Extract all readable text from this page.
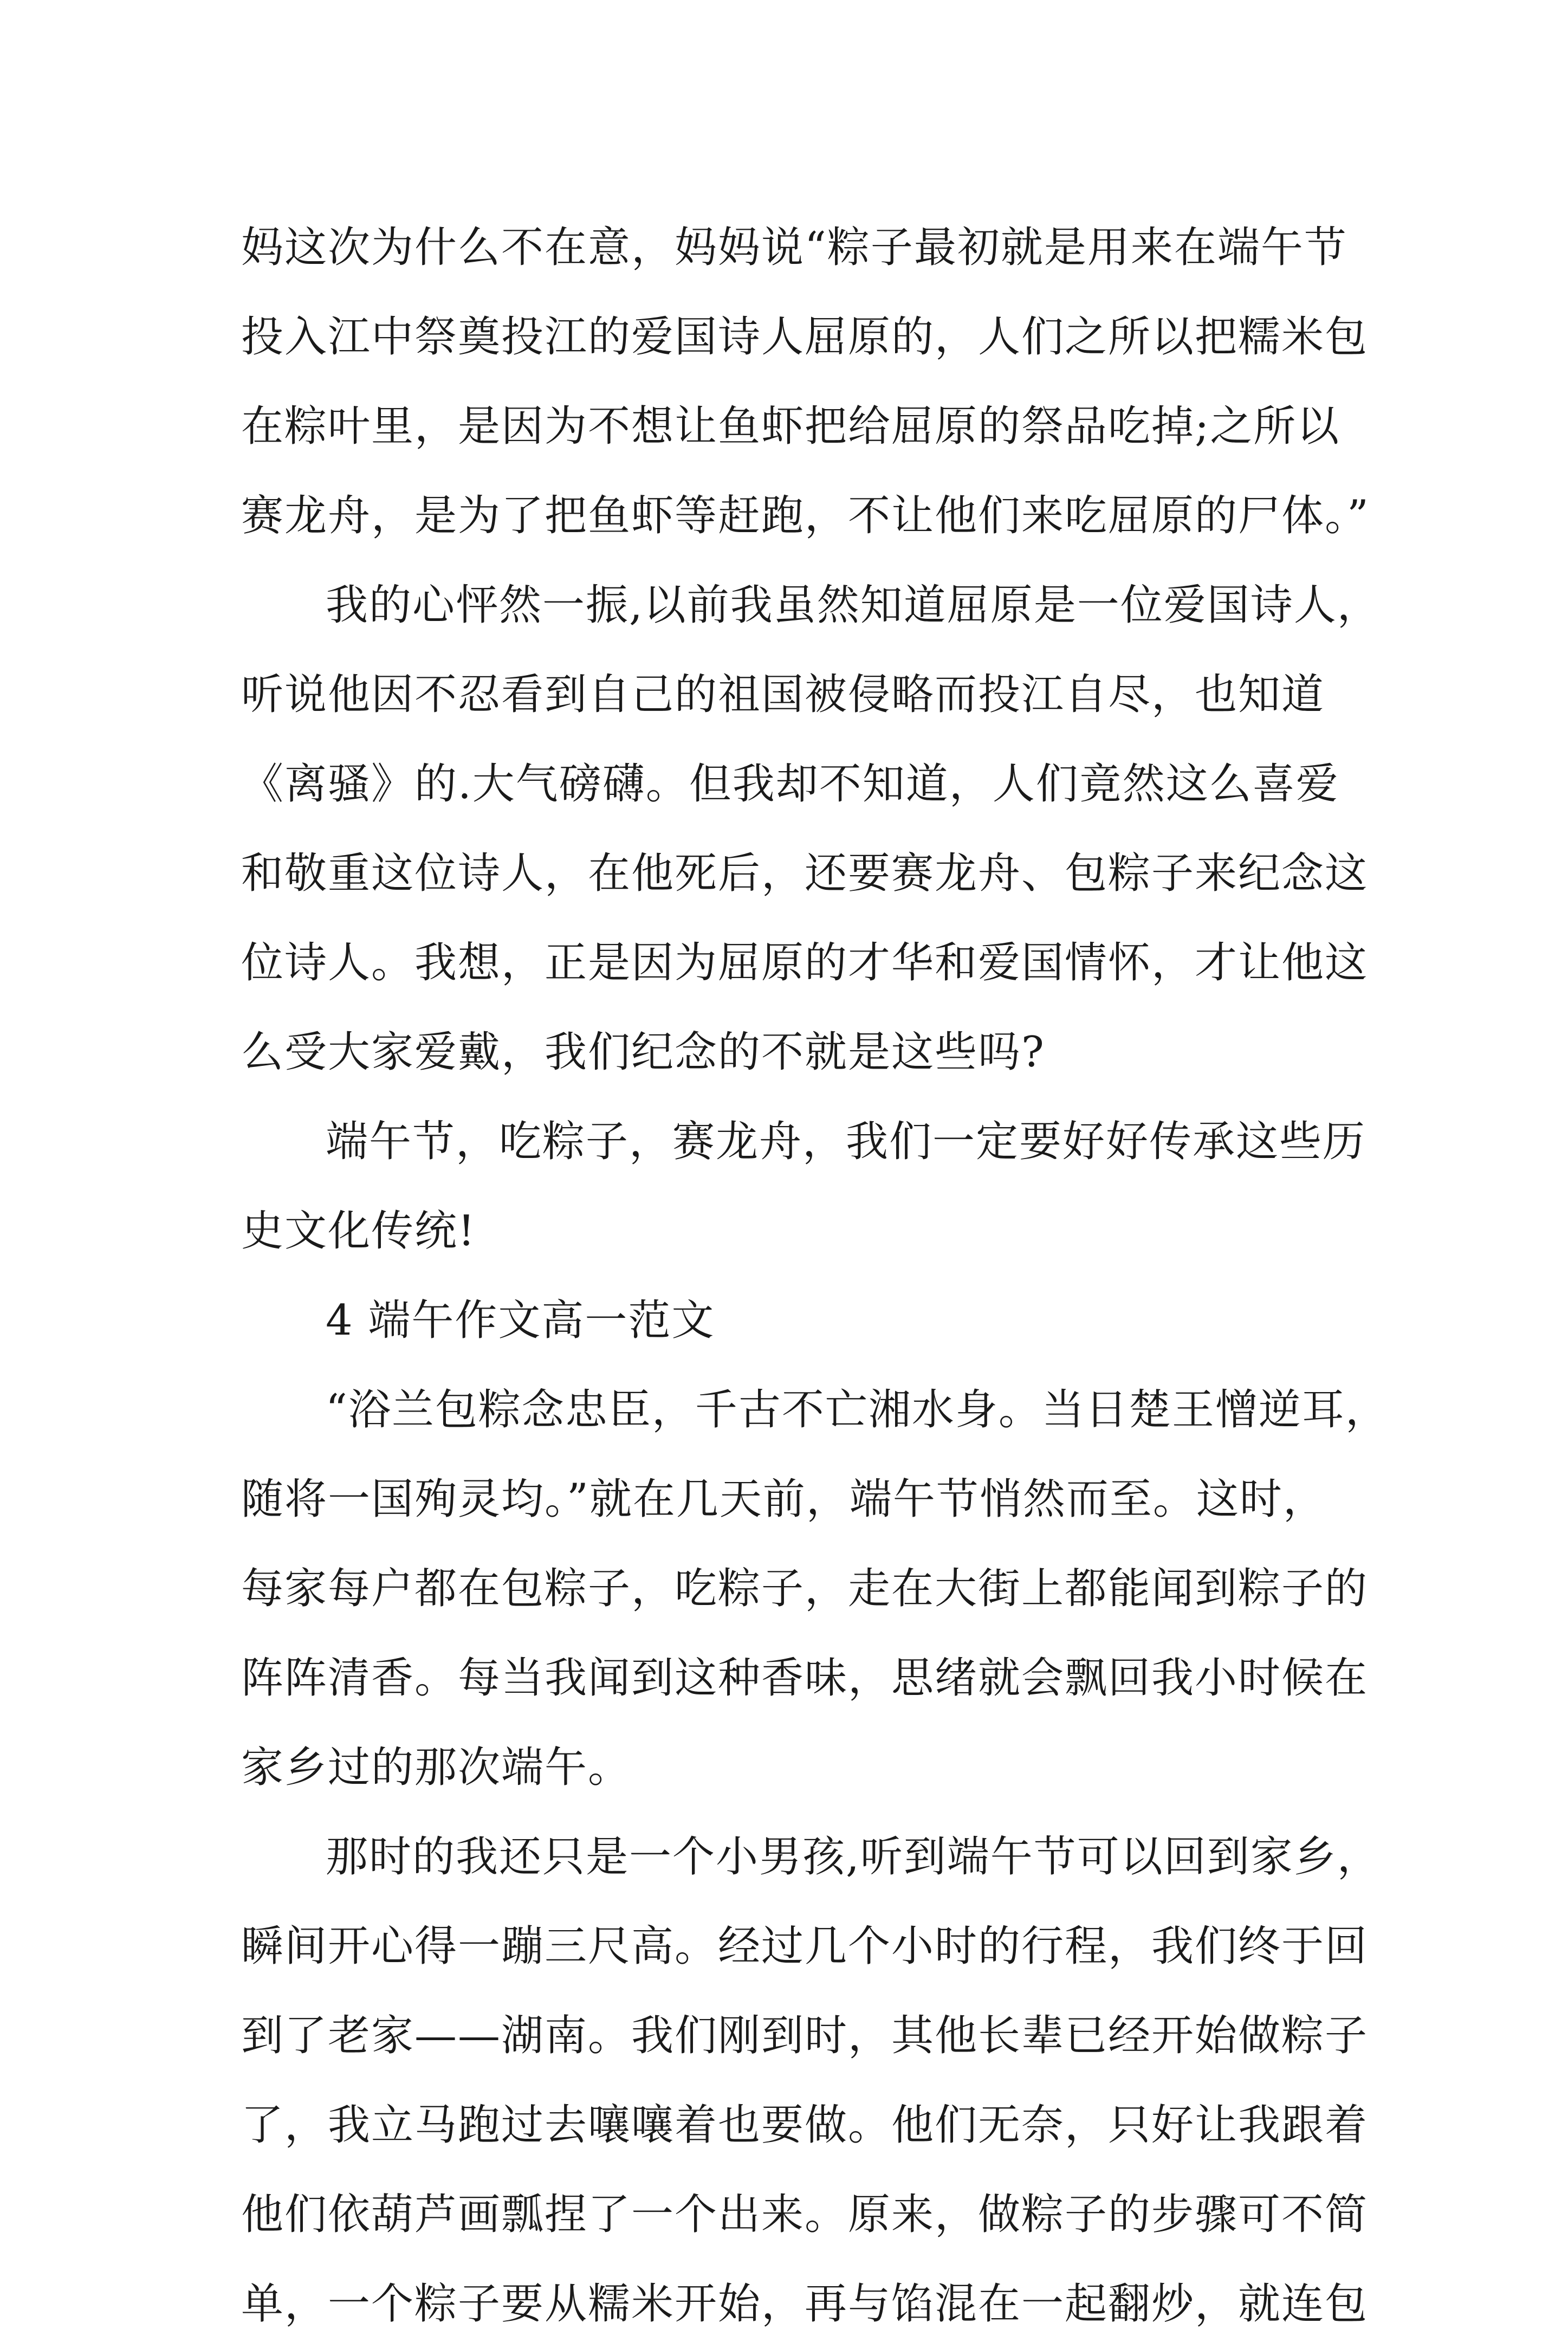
妈这次为什么不在意，妈妈说“粽子最初就是用来在端午节
投入江中祭奠投江的爱国诗人屈原的，人们之所以把糯米包
在粽叶里，是因为不想让鱼虾把给屈原的祭品吃掉;之所以
赛龙舟，是为了把鱼虾等赶跑，不让他们来吃屈原的尸体。”
我的心怦然一振,以前我虽然知道屈原是一位爱国诗人，
听说他因不忍看到自己的祖国被侵略而投江自尽，也知道
《离骚》的.大气磅礴。但我却不知道，人们竟然这么喜爱
和敬重这位诗人，在他死后，还要赛龙舟、包粽子来纪念这
位诗人。我想，正是因为屈原的才华和爱国情怀，才让他这
么受大家爱戴，我们纪念的不就是这些吗?
端午节，吃粽子，赛龙舟，我们一定要好好传承这些历
史文化传统!
4 端午作文高一范文
“浴兰包粽念忠臣，千古不亡湘水身。当日楚王憎逆耳，
随将一国殉灵均。”就在几天前，端午节悄然而至。这时，
每家每户都在包粽子，吃粽子，走在大街上都能闻到粽子的
阵阵清香。每当我闻到这种香味，思绪就会飘回我小时候在
家乡过的那次端午。
那时的我还只是一个小男孩,听到端午节可以回到家乡，
瞬间开心得一蹦三尺高。经过几个小时的行程，我们终于回
到了老家——湖南。我们刚到时，其他长辈已经开始做粽子
了，我立马跑过去嚷嚷着也要做。他们无奈，只好让我跟着
他们依葫芦画瓢捏了一个出来。原来，做粽子的步骤可不简
单，一个粽子要从糯米开始，再与馅混在一起翻炒，就连包
